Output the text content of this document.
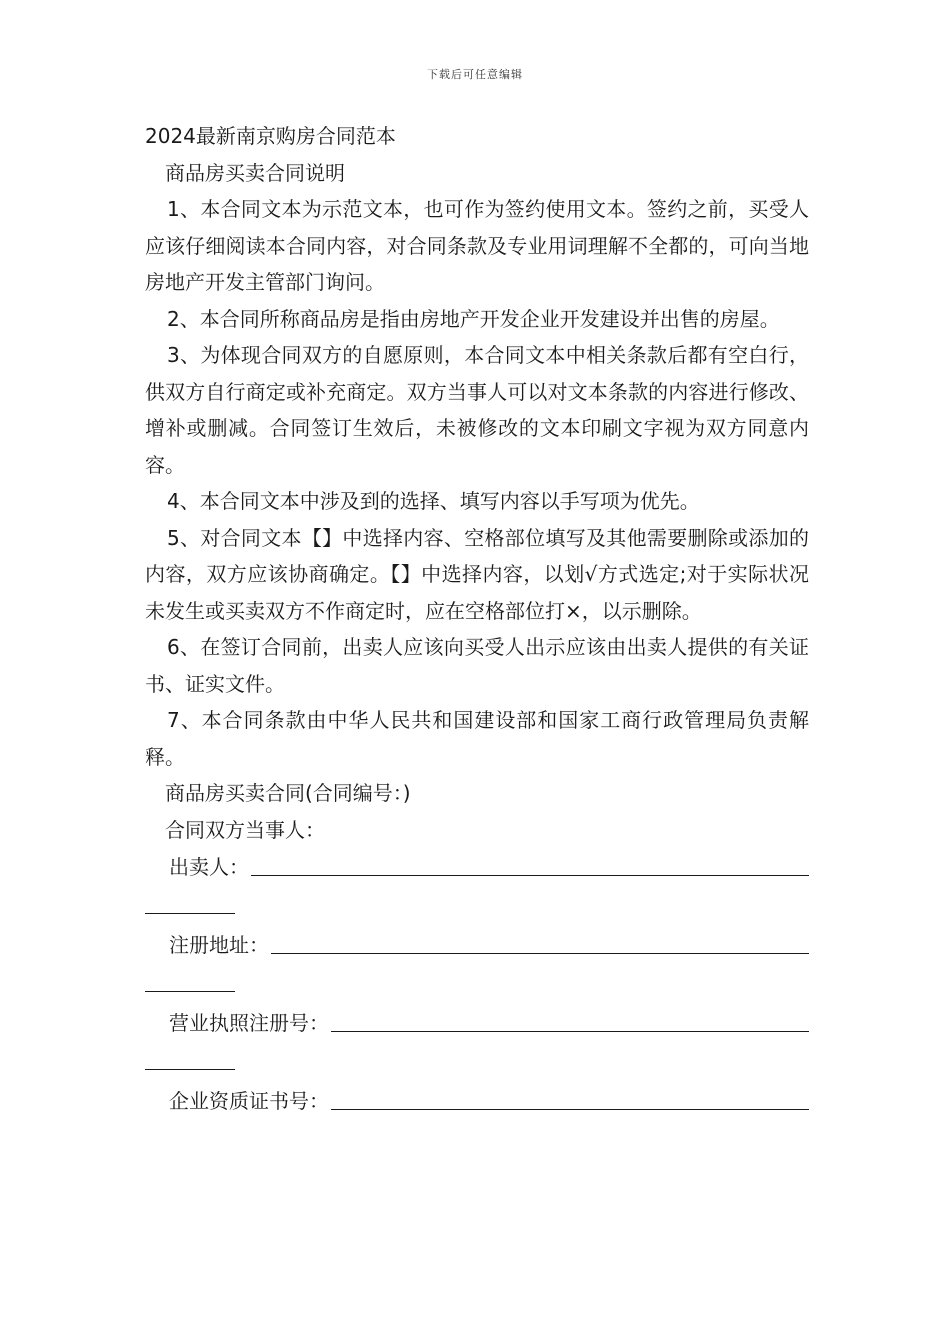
下载后可任意编辑

2024最新南京购房合同范本

商品房买卖合同说明

1、本合同文本为示范文本，也可作为签约使用文本。签约之前，买受人应该仔细阅读本合同内容，对合同条款及专业用词理解不全都的，可向当地房地产开发主管部门询问。

2、本合同所称商品房是指由房地产开发企业开发建设并出售的房屋。

3、为体现合同双方的自愿原则，本合同文本中相关条款后都有空白行，供双方自行商定或补充商定。双方当事人可以对文本条款的内容进行修改、增补或删减。合同签订生效后，未被修改的文本印刷文字视为双方同意内容。

4、本合同文本中涉及到的选择、填写内容以手写项为优先。

5、对合同文本【】中选择内容、空格部位填写及其他需要删除或添加的内容，双方应该协商确定。【】中选择内容，以划√方式选定;对于实际状况未发生或买卖双方不作商定时，应在空格部位打×，以示删除。

6、在签订合同前，出卖人应该向买受人出示应该由出卖人提供的有关证书、证实文件。

7、本合同条款由中华人民共和国建设部和国家工商行政管理局负责解释。

商品房买卖合同(合同编号：)

合同双方当事人：

出卖人：
注册地址：
营业执照注册号：
企业资质证书号：
